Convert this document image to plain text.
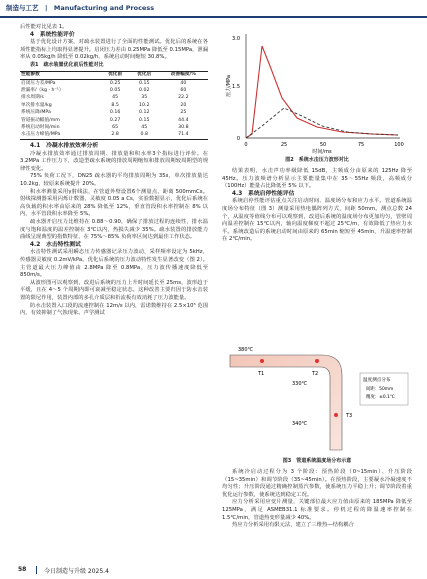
制造与工艺　|　Manufacturing and Process

后性能对比见表 1。

4　系统性能评价

基于优化设计方案，对疏水装置进行了全面的性能测试。优化后的系统在各项性能指标上均取得显著提升。启闭压力差由 0.25MPa 降低至 0.15MPa，泄漏率从 0.05kg/h 降低至 0.02kg/h，系统启动时间缩短 30.8%。

表1　疏水装置优化前后性能对比

性能参数	优化前	优化后	改善幅度/%
启闭压力差/MPa	0.25	0.15	40
泄漏率/（kg · h⁻¹）	0.05	0.02	60
排水周期/s	45	35	22.2
单次排水量/kg	8.5	10.2	20
系统压降/MPa	0.16	0.12	25
管道振动幅值/mm	0.27	0.15	44.4
系统启动时间/min	65	45	30.8
水击压力峰值/MPa	2.8	0.8	71.4

4.1　冷凝水排放效率分析

冷凝水排放效率通过排放周期、排放量和积水率3个指标进行评价。在 3.2MPa 工作压力下，改造型疏水系统的排放周期缩短和排放周期较周期型的规律性变化。

75% 负荷工况下，DN25 疏水器的平均排放周期为 35s，单次排放量达 10.2kg，较原来系统提升 20%。

积水率测量采用γ射线法，在管道外壁设置6个测量点，距离 500mmCs。射线探测器采用闪烁计数器，灵敏度 0.05 a Cs，实验数据显示，优化后系统在高负载的积水率由原来的 28% 降低至 12%，垂直管段积水率控制在 8% 以内，水平管段积水率降至 5%。

疏水器开启压力比维持在 0.88～0.90，确保了排放过程的连续性，排水温度与饱和温度的温差控制在 3℃以内，热损失减少 35%。疏水装置的排放能力曲线呈现典型的指数特征，在 75%～85% 负荷率区间达到最佳工作状态。

4.2　水击特性测试

水击特性测试采用瞬态压力传感器记录压力波动，采样频率设定为 5kHz，传感器灵敏度 0.2mV/kPa。优化后系统的压力波动特性发生显著改变（图 2）。主管道最大压力峰值由 2.8MPa 降至 0.8MPa，压力波传播速度降低至 850m/s。

从波形图可以观察到，改进后系统的压力上升时间延长至 25ms，波形趋于平缓，且在 4～5 个周期内即可衰减至稳定状态。这种改善主要归因于防水击装置的限尼作用，装置内部的多孔介质层和折流板有效消耗了压力波能量。

防水击装置入口段的流速控制在 12m/s 以内，雷诺数维持在 2.5×10⁵ 范围内，有效抑制了气蚀现象。声学测试

3.0
1.5
0
0	25	50	75	100
压力/MPa
时间/ms

图2　系统水击压力波形对比

结果表明，水击声功率级降低 15dB，主频成分由原来的 125Hz 降至 45Hz。压力波频谱分析显示主要能量集中在 35～55Hz 频段，高频成分（100Hz）能量占比降低至 5% 以下。

4.3　系统启停性能评估

系统启停性能评估重点关注启动时间、温度场分布和应力水平。管道系统温度场分布特征（图 3）测量采用热电偶阵列方式，间距 50mm。测点总数 24 个，从温度等值线分布可以观察到，改进后系统的温度场分布更加均匀，管壁周向温差控制在 15℃以内，轴向温度梯度不超过 25℃/m，有效降低了热应力水平。系统改造后的系统启动时间由原来的 65min 缩短至 45min，升温速率控制在 2℃/min。

380℃
330℃
340℃
T1	T2
T3
温度测点分布
间距：50mm
精度：±0.1℃

图3　管道系统温度场分布示意

系统冷启动过程分为 3 个阶段：预热阶段（0~15min）、升压阶段（15~35min）和调节阶段（35~45min）。在预热阶段，主要凝水冷凝速度不均匀性；升压阶段通过精确控制蒸汽参数，使系统压力平稳上升；调节阶段着重优化运行参数，使系统达到稳定工况。

应力分析采用应变片测量，关键部位最大应力值由原来的 185MPa 降低至 125MPa，满足 ASMEB31.1 标准要求。停机过程的降温速率控制在 1.5℃/min，管道热变形量减少 40%。

热应力分析采用有限元法，建立了三维热—结构耦合

58	今日制造与升级 2025.4
